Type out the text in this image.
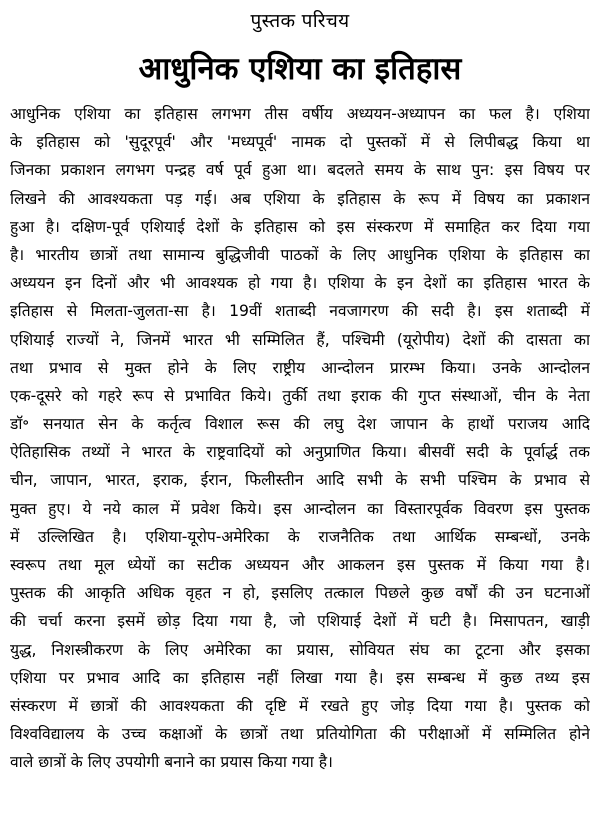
पुस्तक परिचय
आधुनिक एशिया का इतिहास
आधुनिक एशिया का इतिहास लगभग तीस वर्षीय अध्ययन-अध्यापन का फल है। एशिया
के इतिहास को 'सुदूरपूर्व' और 'मध्यपूर्व' नामक दो पुस्तकों में से लिपीबद्ध किया था
जिनका प्रकाशन लगभग पन्द्रह वर्ष पूर्व हुआ था। बदलते समय के साथ पुन: इस विषय पर
लिखने की आवश्यकता पड़ गई। अब एशिया के इतिहास के रूप में विषय का प्रकाशन
हुआ है। दक्षिण-पूर्व एशियाई देशों के इतिहास को इस संस्करण में समाहित कर दिया गया
है। भारतीय छात्रों तथा सामान्य बुद्धिजीवी पाठकों के लिए आधुनिक एशिया के इतिहास का
अध्ययन इन दिनों और भी आवश्यक हो गया है। एशिया के इन देशों का इतिहास भारत के
इतिहास से मिलता-जुलता-सा है। 19वीं शताब्दी नवजागरण की सदी है। इस शताब्दी में
एशियाई राज्यों ने, जिनमें भारत भी सम्मिलित हैं, पश्चिमी (यूरोपीय) देशों की दासता का
तथा प्रभाव से मुक्त होने के लिए राष्ट्रीय आन्दोलन प्रारम्भ किया। उनके आन्दोलन
एक-दूसरे को गहरे रूप से प्रभावित किये। तुर्की तथा इराक की गुप्त संस्थाओं, चीन के नेता
डॉ॰ सनयात सेन के कर्तृत्व विशाल रूस की लघु देश जापान के हाथों पराजय आदि
ऐतिहासिक तथ्यों ने भारत के राष्ट्रवादियों को अनुप्राणित किया। बीसवीं सदी के पूर्वार्द्ध तक
चीन, जापान, भारत, इराक, ईरान, फिलीस्तीन आदि सभी के सभी पश्चिम के प्रभाव से
मुक्त हुए। ये नये काल में प्रवेश किये। इस आन्दोलन का विस्तारपूर्वक विवरण इस पुस्तक
में उल्लिखित है। एशिया-यूरोप-अमेरिका के राजनैतिक तथा आर्थिक सम्बन्धों, उनके
स्वरूप तथा मूल ध्येयों का सटीक अध्ययन और आकलन इस पुस्तक में किया गया है।
पुस्तक की आकृति अधिक वृहत न हो, इसलिए तत्काल पिछले कुछ वर्षों की उन घटनाओं
की चर्चा करना इसमें छोड़ दिया गया है, जो एशियाई देशों में घटी है। मिसापतन, खाड़ी
युद्ध, निशस्त्रीकरण के लिए अमेरिका का प्रयास, सोवियत संघ का टूटना और इसका
एशिया पर प्रभाव आदि का इतिहास नहीं लिखा गया है। इस सम्बन्ध में कुछ तथ्य इस
संस्करण में छात्रों की आवश्यकता की दृष्टि में रखते हुए जोड़ दिया गया है। पुस्तक को
विश्वविद्यालय के उच्च कक्षाओं के छात्रों तथा प्रतियोगिता की परीक्षाओं में सम्मिलित होने
वाले छात्रों के लिए उपयोगी बनाने का प्रयास किया गया है।
